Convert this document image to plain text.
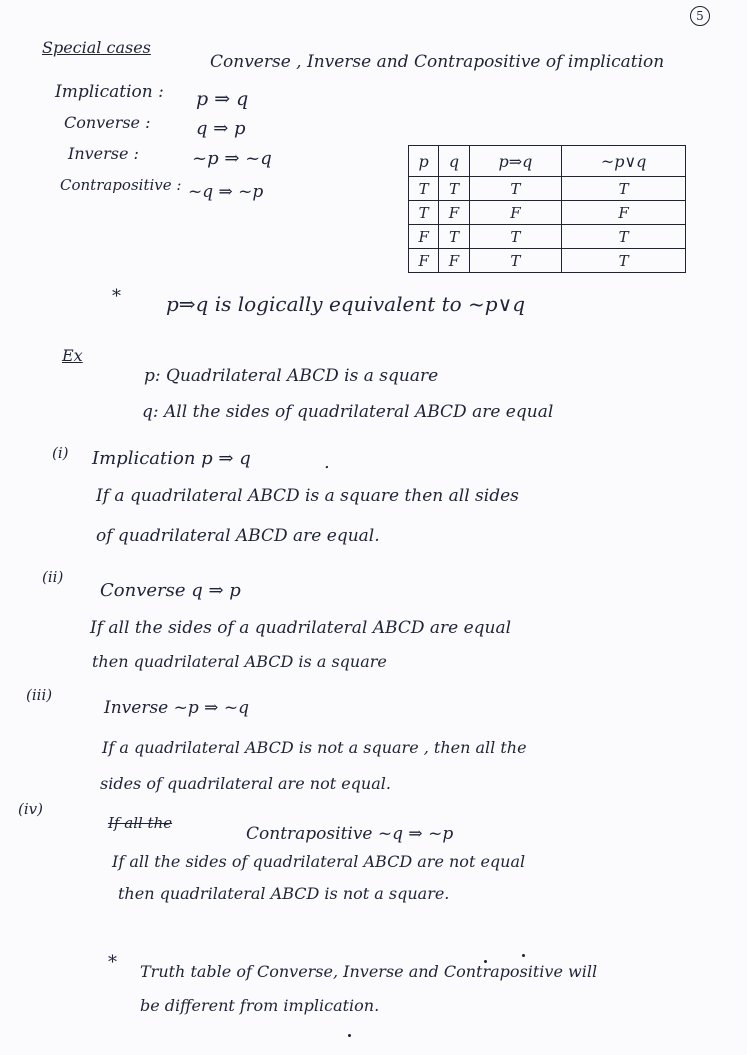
5
Special cases
Converse , Inverse and Contrapositive of implication
Implication : p ⇒ q
Converse :	q ⇒ p
Inverse :	~p ⇒ ~q
Contrapositive : ~q ⇒ ~p
p	q	p⇒q	~p∨q
T	T	T	T
T	F	F	F
F	T	T	T
F	F	T	T
* p⇒q is logically equivalent to ~p∨q
Ex
p: Quadrilateral ABCD is a square
q: All the sides of quadrilateral ABCD are equal
(i) Implication p ⇒ q	.
If a quadrilateral ABCD is a square then all sides
of quadrilateral ABCD are equal.
(ii)
Converse q ⇒ p
If all the sides of a quadrilateral ABCD are equal
then quadrilateral ABCD is a square
(iii)
Inverse ~p ⇒ ~q
If a quadrilateral ABCD is not a square , then all the
sides of quadrilateral are not equal.
(iv)
If all the
Contrapositive ~q ⇒ ~p
If all the sides of quadrilateral ABCD are not equal
then quadrilateral ABCD is not a square.
* Truth table of Converse, Inverse and Contrapositive will
be different from implication.
